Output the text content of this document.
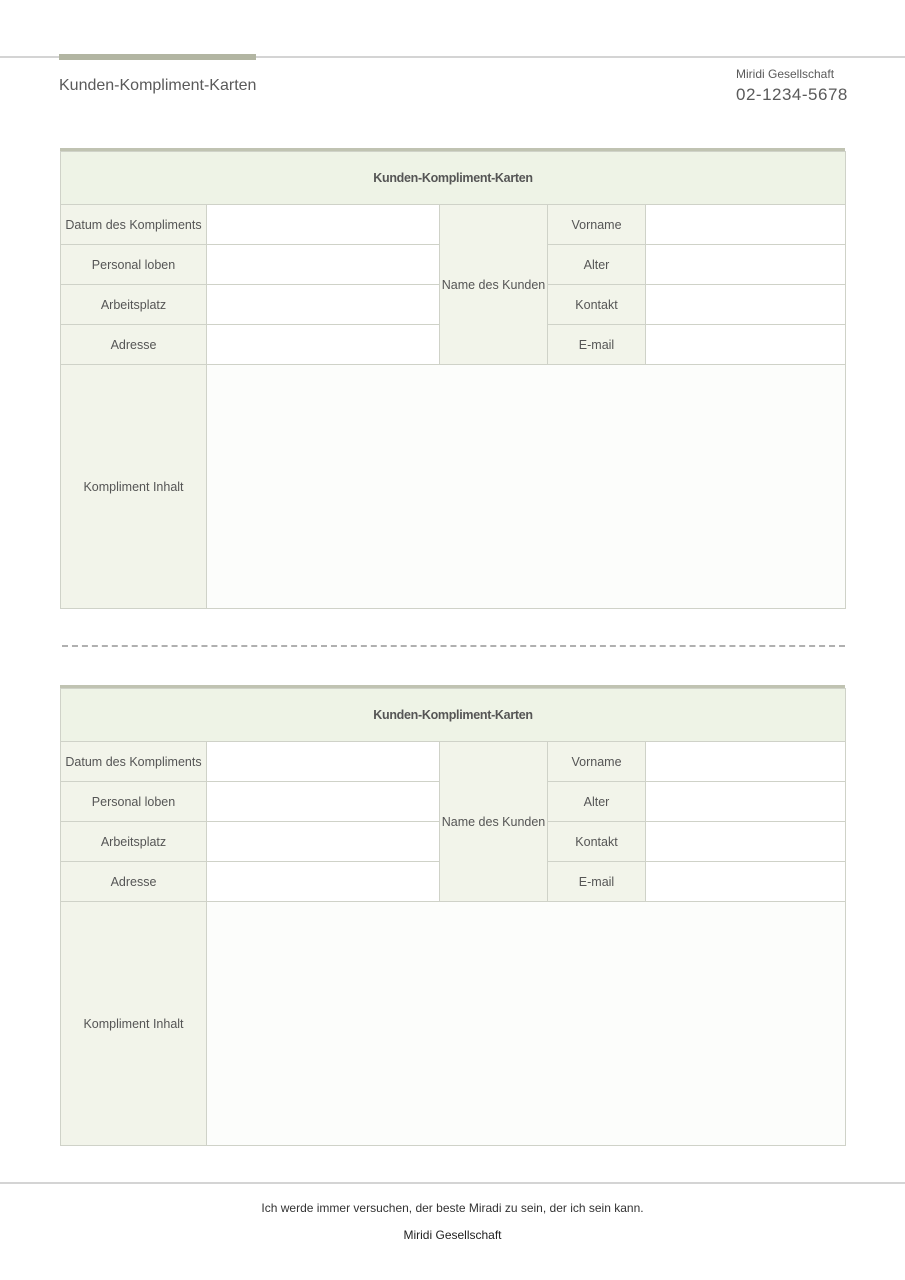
Kunden-Kompliment-Karten
Miridi Gesellschaft
02-1234-5678
Kunden-Kompliment-Karten				
Datum des Kompliments		Name des Kunden	Vorname	
Personal loben			Alter	
Arbeitsplatz			Kontakt	
Adresse			E-mail	
Kompliment Inhalt				
Kunden-Kompliment-Karten				
Datum des Kompliments		Name des Kunden	Vorname	
Personal loben			Alter	
Arbeitsplatz			Kontakt	
Adresse			E-mail	
Kompliment Inhalt				
Ich werde immer versuchen, der beste Miradi zu sein, der ich sein kann.
Miridi Gesellschaft
